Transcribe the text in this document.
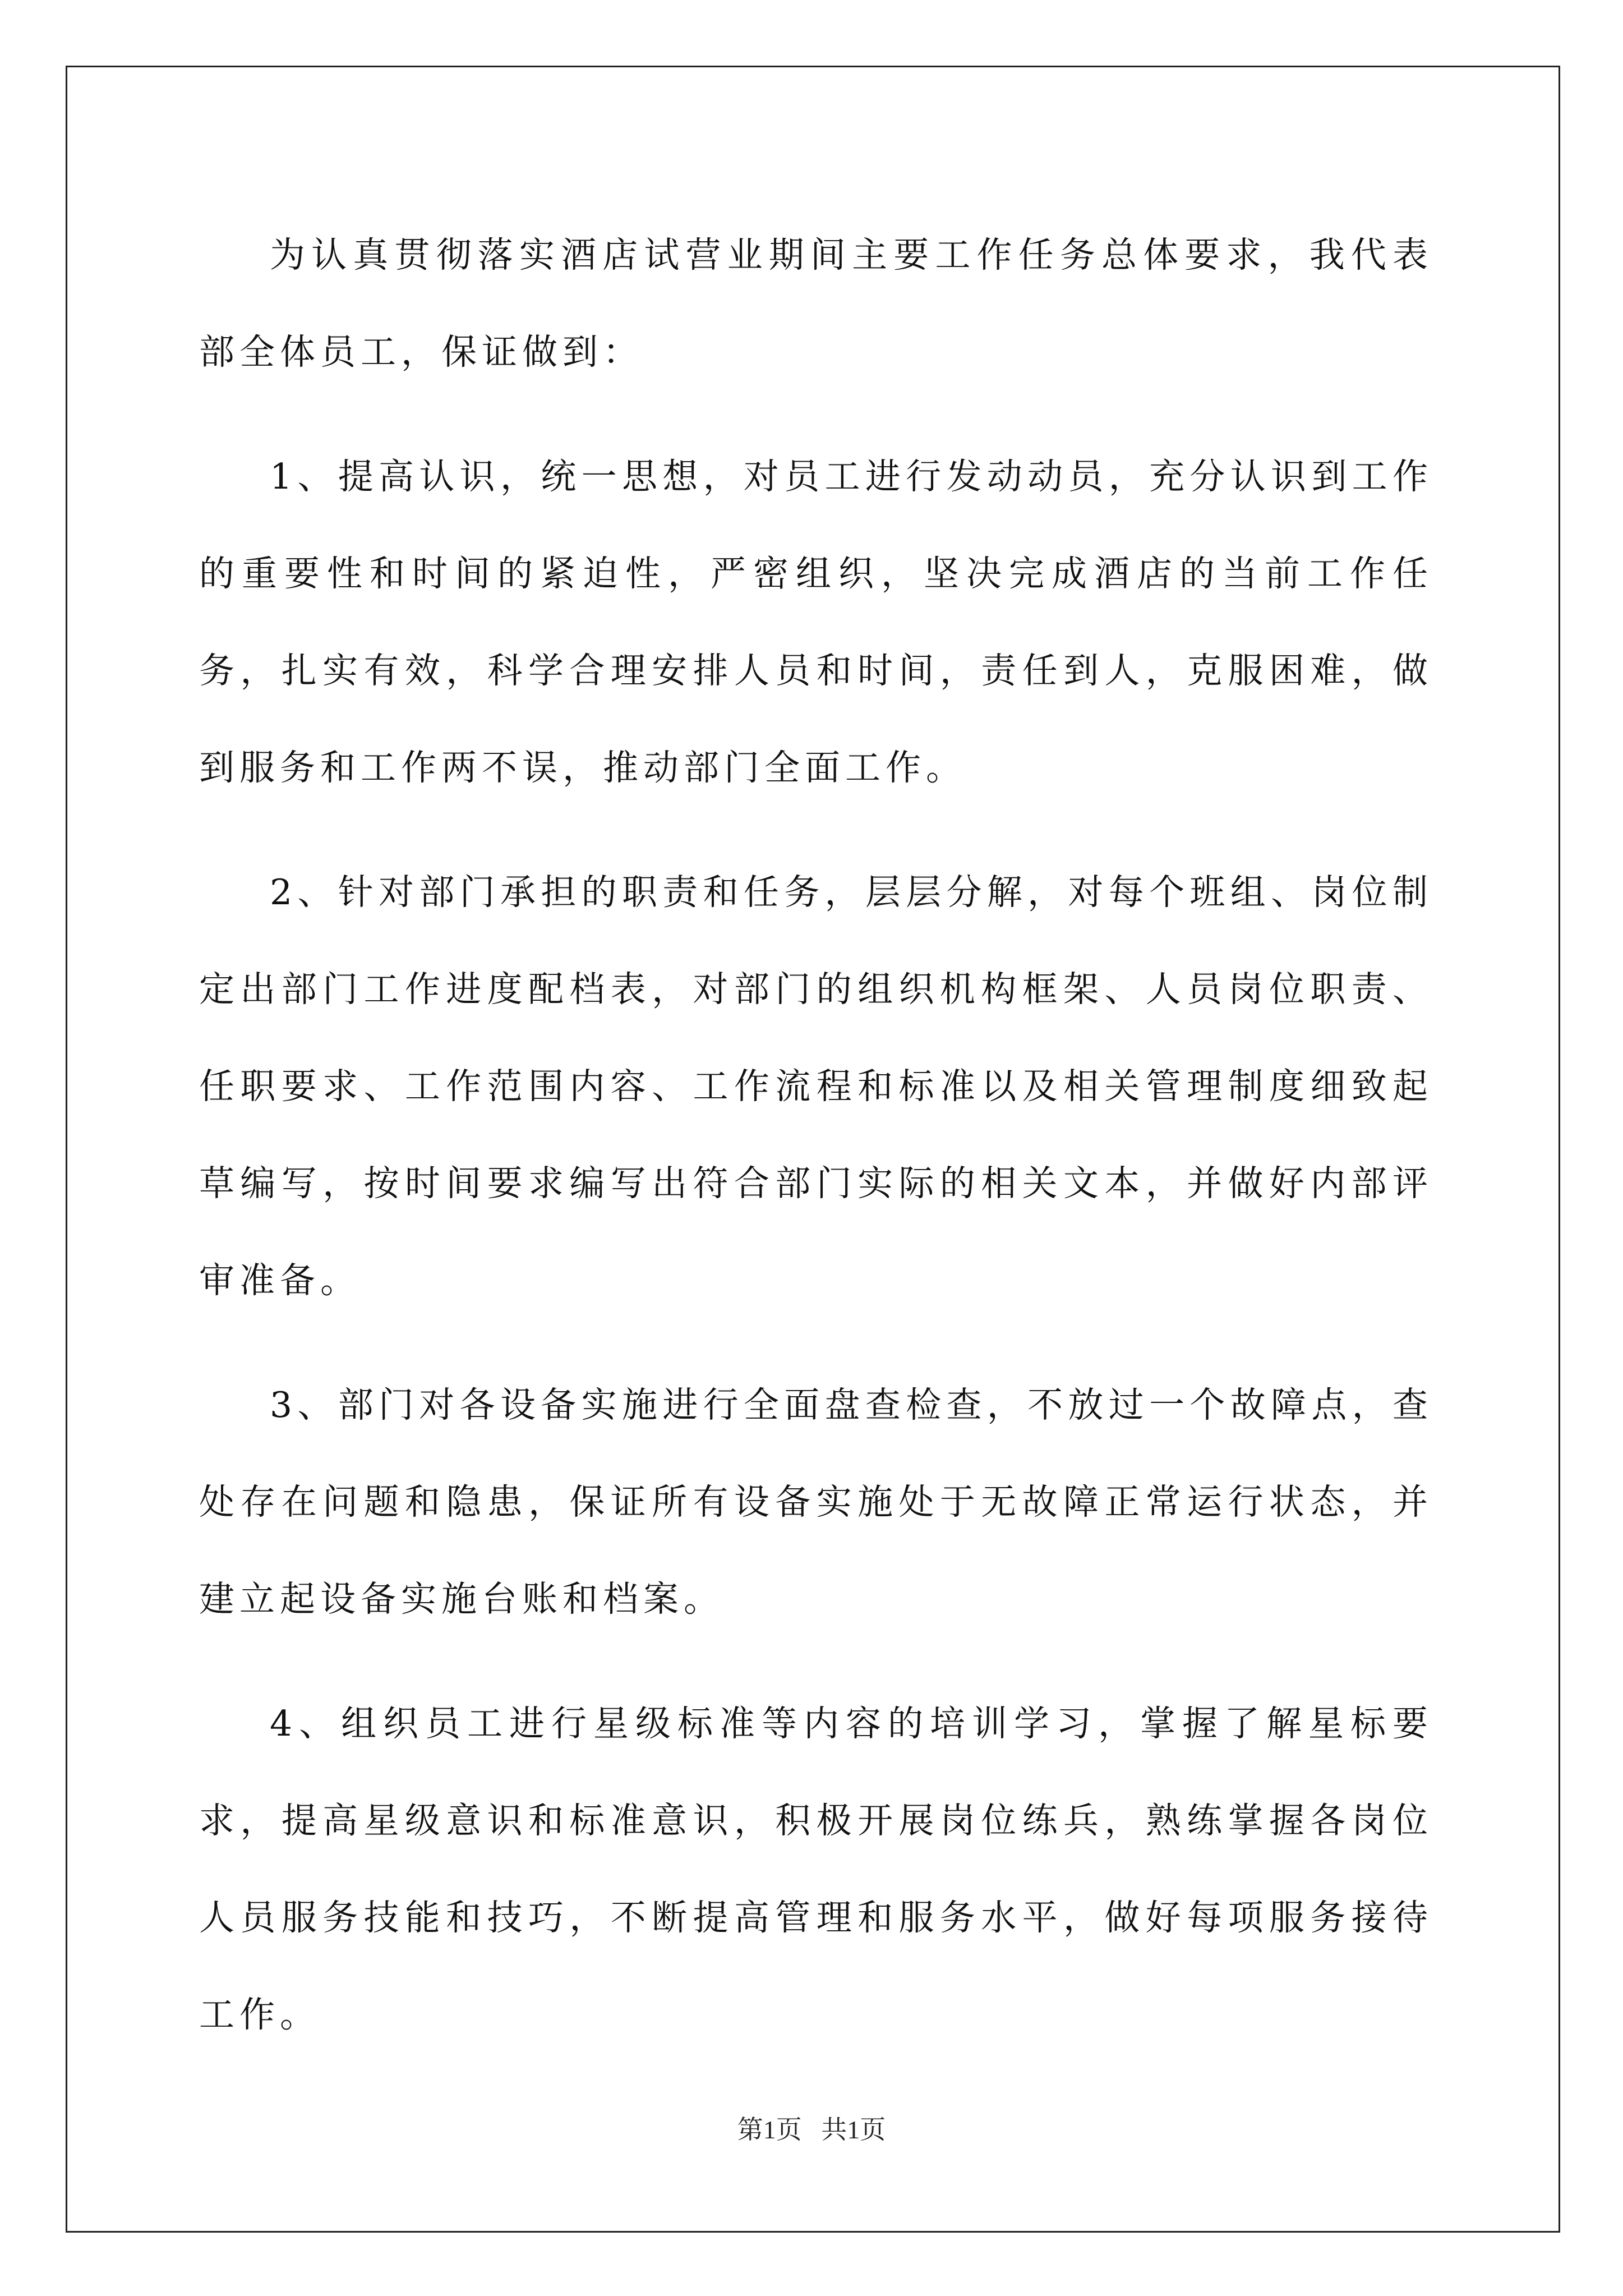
为认真贯彻落实酒店试营业期间主要工作任务总体要求，我代表部全体员工，保证做到：

1、提高认识，统一思想，对员工进行发动动员，充分认识到工作的重要性和时间的紧迫性，严密组织，坚决完成酒店的当前工作任务，扎实有效，科学合理安排人员和时间，责任到人，克服困难，做到服务和工作两不误，推动部门全面工作。

2、针对部门承担的职责和任务，层层分解，对每个班组、岗位制定出部门工作进度配档表，对部门的组织机构框架、人员岗位职责、任职要求、工作范围内容、工作流程和标准以及相关管理制度细致起草编写，按时间要求编写出符合部门实际的相关文本，并做好内部评审准备。

3、部门对各设备实施进行全面盘查检查，不放过一个故障点，查处存在问题和隐患，保证所有设备实施处于无故障正常运行状态，并建立起设备实施台账和档案。

4、组织员工进行星级标准等内容的培训学习，掌握了解星标要求，提高星级意识和标准意识，积极开展岗位练兵，熟练掌握各岗位人员服务技能和技巧，不断提高管理和服务水平，做好每项服务接待工作。

第1页 共1页
